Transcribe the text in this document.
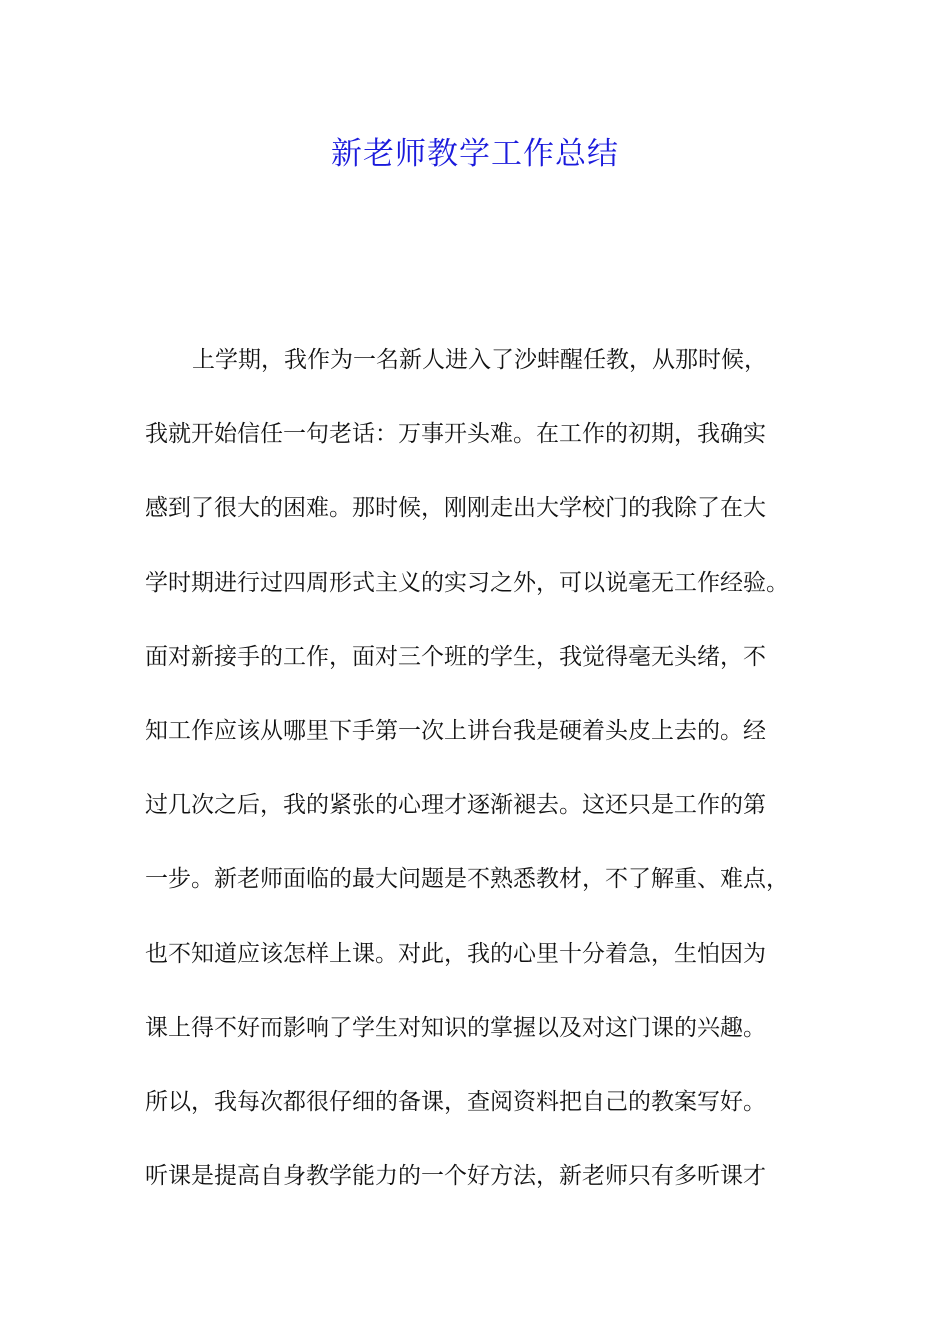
新老师教学工作总结
上学期，我作为一名新人进入了沙蚌醒任教，从那时候，
我就开始信任一句老话：万事开头难。在工作的初期，我确实
感到了很大的困难。那时候，刚刚走出大学校门的我除了在大
学时期进行过四周形式主义的实习之外，可以说毫无工作经验。
面对新接手的工作，面对三个班的学生，我觉得毫无头绪，不
知工作应该从哪里下手第一次上讲台我是硬着头皮上去的。经
过几次之后，我的紧张的心理才逐渐褪去。这还只是工作的第
一步。新老师面临的最大问题是不熟悉教材，不了解重、难点，
也不知道应该怎样上课。对此，我的心里十分着急，生怕因为
课上得不好而影响了学生对知识的掌握以及对这门课的兴趣。
所以，我每次都很仔细的备课，查阅资料把自己的教案写好。
听课是提高自身教学能力的一个好方法，新老师只有多听课才
